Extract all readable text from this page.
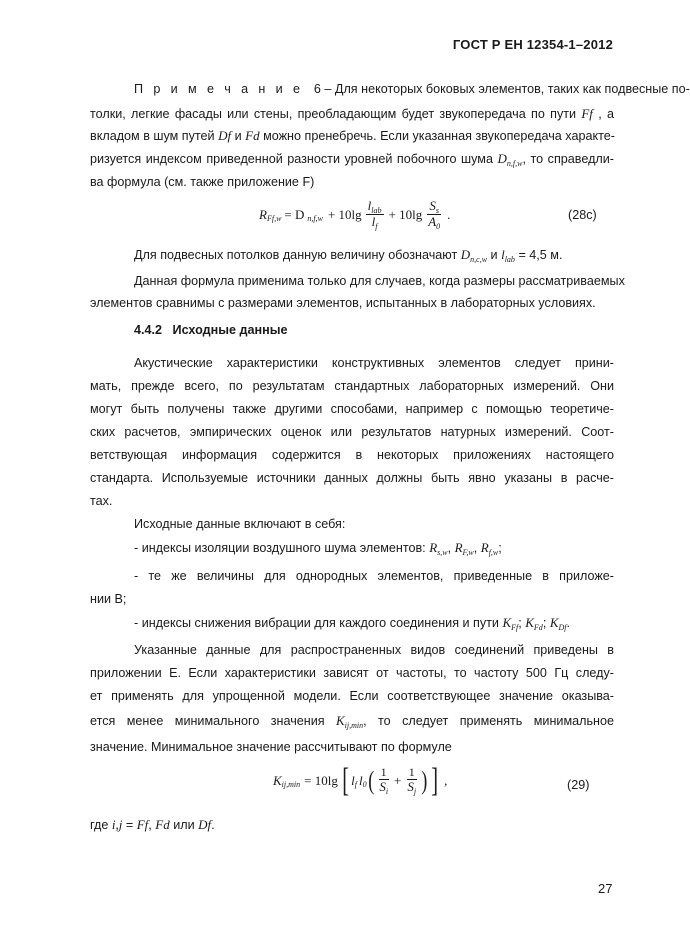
ГОСТ Р ЕН 12354-1–2012
П р и м е ч а н и е 6 – Для некоторых боковых элементов, таких как подвесные по-
толки, легкие фасады или стены, преобладающим будет звукопередача по пути Ff , а
вкладом в шум путей Df и Fd можно пренебречь. Если указанная звукопередача характе-
ризуется индексом приведенной разности уровней побочного шума $D_{n,f,w}$, то справедли-
ва формула (см. также приложение F)
R Ff,w = D $n,f,w + 10\lg \frac{l_{lab}}{l_f} + 10\lg \frac{S_s}{A_0}$ .	(28с)
Для подвесных потолков данную величину обозначают $D_{n,c,w}$ и $l_{lab} = 4,5$ м.
Данная формула применима только для случаев, когда размеры рассматриваемых
элементов сравнимы с размерами элементов, испытанных в лабораторных условиях.
4.4.2 Исходные данные
Акустические характеристики конструктивных элементов следует прини-
мать, прежде всего, по результатам стандартных лабораторных измерений. Они
могут быть получены также другими способами, например с помощью теоретиче-
ских расчетов, эмпирических оценок или результатов натурных измерений. Соот-
ветствующая информация содержится в некоторых приложениях настоящего
стандарта. Используемые источники данных должны быть явно указаны в расче-
тах.
Исходные данные включают в себя:
- индексы изоляции воздушного шума элементов: $R_{s,w}$, $R_{F,w}$, $R_{f,w}$;
- те же величины для однородных элементов, приведенные в приложе-
нии В;
- индексы снижения вибрации для каждого соединения и пути $K_{Ff}$; $K_{Fd}$; $K_{Df}$.
Указанные данные для распространенных видов соединений приведены в
приложении Е. Если характеристики зависят от частоты, то частоту 500 Гц следу-
ет применять для упрощенной модели. Если соответствующее значение оказыва-
ется менее минимального значения $K_{ij,min}$, то следует применять минимальное
значение. Минимальное значение рассчитывают по формуле
K ij,min = 10lg [ l f l 0 ( $\frac{1}{S_i} + \frac{1}{S_j}$ ) ] ,	(29)
где i,j = Ff, Fd или Df.
27
